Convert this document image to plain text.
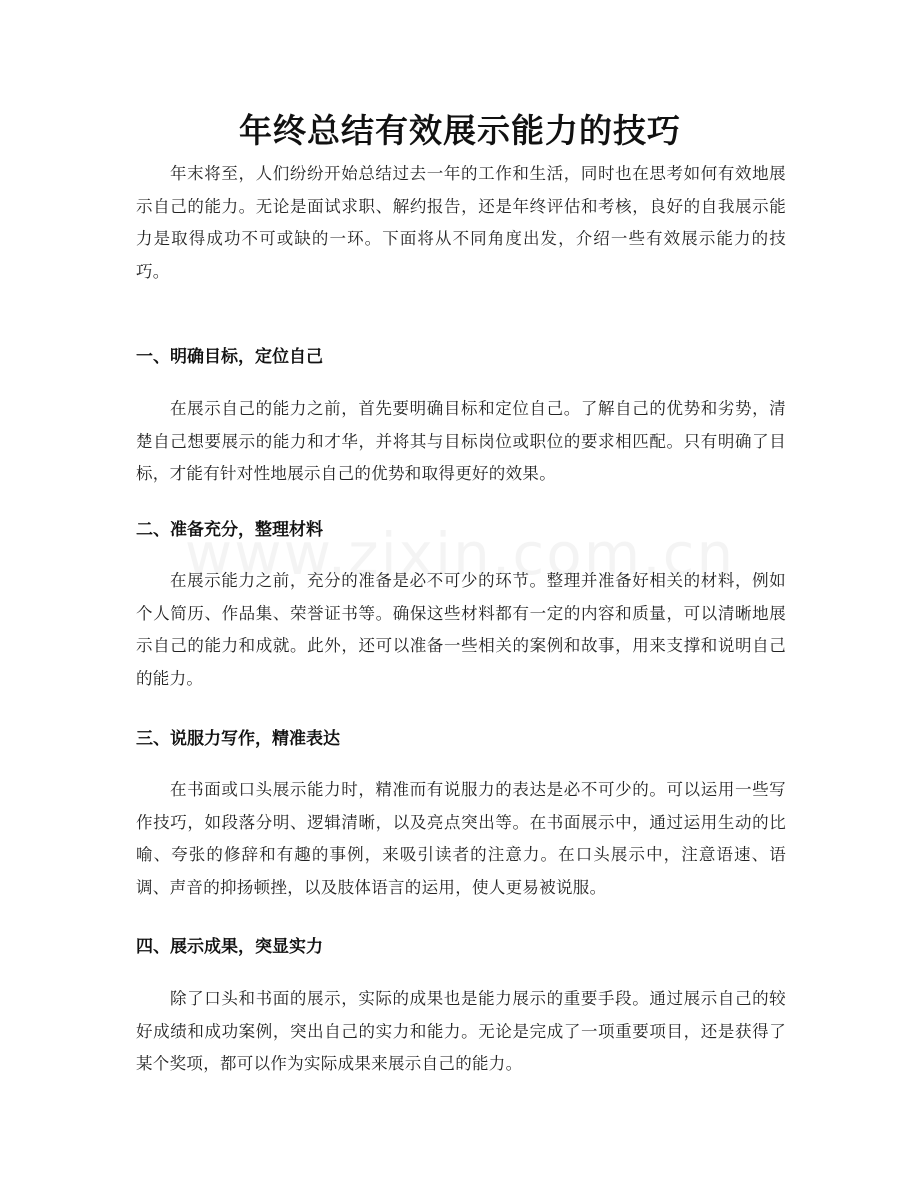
年终总结有效展示能力的技巧

年末将至，人们纷纷开始总结过去一年的工作和生活，同时也在思考如何有效地展示自己的能力。无论是面试求职、解约报告，还是年终评估和考核，良好的自我展示能力是取得成功不可或缺的一环。下面将从不同角度出发，介绍一些有效展示能力的技巧。

一、明确目标，定位自己

在展示自己的能力之前，首先要明确目标和定位自己。了解自己的优势和劣势，清楚自己想要展示的能力和才华，并将其与目标岗位或职位的要求相匹配。只有明确了目标，才能有针对性地展示自己的优势和取得更好的效果。

二、准备充分，整理材料

在展示能力之前，充分的准备是必不可少的环节。整理并准备好相关的材料，例如个人简历、作品集、荣誉证书等。确保这些材料都有一定的内容和质量，可以清晰地展示自己的能力和成就。此外，还可以准备一些相关的案例和故事，用来支撑和说明自己的能力。

三、说服力写作，精准表达

在书面或口头展示能力时，精准而有说服力的表达是必不可少的。可以运用一些写作技巧，如段落分明、逻辑清晰，以及亮点突出等。在书面展示中，通过运用生动的比喻、夸张的修辞和有趣的事例，来吸引读者的注意力。在口头展示中，注意语速、语调、声音的抑扬顿挫，以及肢体语言的运用，使人更易被说服。

四、展示成果，突显实力

除了口头和书面的展示，实际的成果也是能力展示的重要手段。通过展示自己的较好成绩和成功案例，突出自己的实力和能力。无论是完成了一项重要项目，还是获得了某个奖项，都可以作为实际成果来展示自己的能力。
